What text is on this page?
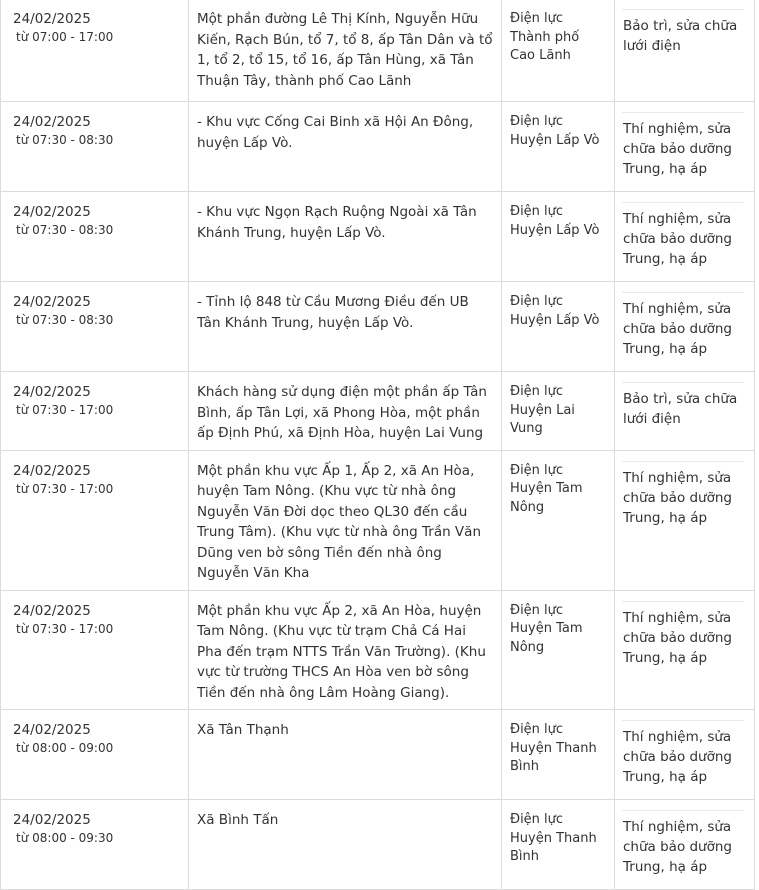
24/02/2025
từ 07:00 - 17:00	Một phần đường Lê Thị Kính, Nguyễn Hữu Kiến, Rạch Bún, tổ 7, tổ 8, ấp Tân Dân và tổ 1, tổ 2, tổ 15, tổ 16, ấp Tân Hùng, xã Tân Thuận Tây, thành phố Cao Lãnh	Điện lực Thành phố Cao Lãnh	Bảo trì, sửa chữa lưới điện

24/02/2025
từ 07:30 - 08:30	- Khu vực Cống Cai Binh xã Hội An Đông, huyện Lấp Vò.	Điện lực Huyện Lấp Vò	Thí nghiệm, sửa chữa bảo dưỡng Trung, hạ áp

24/02/2025
từ 07:30 - 08:30	- Khu vực Ngọn Rạch Ruộng Ngoài xã Tân Khánh Trung, huyện Lấp Vò.	Điện lực Huyện Lấp Vò	Thí nghiệm, sửa chữa bảo dưỡng Trung, hạ áp

24/02/2025
từ 07:30 - 08:30	- Tỉnh lộ 848 từ Cầu Mương Điều đến UB Tân Khánh Trung, huyện Lấp Vò.	Điện lực Huyện Lấp Vò	Thí nghiệm, sửa chữa bảo dưỡng Trung, hạ áp

24/02/2025
từ 07:30 - 17:00	Khách hàng sử dụng điện một phần ấp Tân Bình, ấp Tân Lợi, xã Phong Hòa, một phần ấp Định Phú, xã Định Hòa, huyện Lai Vung	Điện lực Huyện Lai Vung	Bảo trì, sửa chữa lưới điện

24/02/2025
từ 07:30 - 17:00	Một phần khu vực Ấp 1, Ấp 2, xã An Hòa, huyện Tam Nông. (Khu vực từ nhà ông Nguyễn Văn Đời dọc theo QL30 đến cầu Trung Tâm). (Khu vực từ nhà ông Trần Văn Dũng ven bờ sông Tiền đến nhà ông Nguyễn Văn Kha	Điện lực Huyện Tam Nông	Thí nghiệm, sửa chữa bảo dưỡng Trung, hạ áp

24/02/2025
từ 07:30 - 17:00	Một phần khu vực Ấp 2, xã An Hòa, huyện Tam Nông. (Khu vực từ trạm Chả Cá Hai Pha đến trạm NTTS Trần Văn Trường). (Khu vực từ trường THCS An Hòa ven bờ sông Tiền đến nhà ông Lâm Hoàng Giang).	Điện lực Huyện Tam Nông	Thí nghiệm, sửa chữa bảo dưỡng Trung, hạ áp

24/02/2025
từ 08:00 - 09:00	Xã Tân Thạnh	Điện lực Huyện Thanh Bình	Thí nghiệm, sửa chữa bảo dưỡng Trung, hạ áp

24/02/2025
từ 08:00 - 09:30	Xã Bình Tấn	Điện lực Huyện Thanh Bình	Thí nghiệm, sửa chữa bảo dưỡng Trung, hạ áp
